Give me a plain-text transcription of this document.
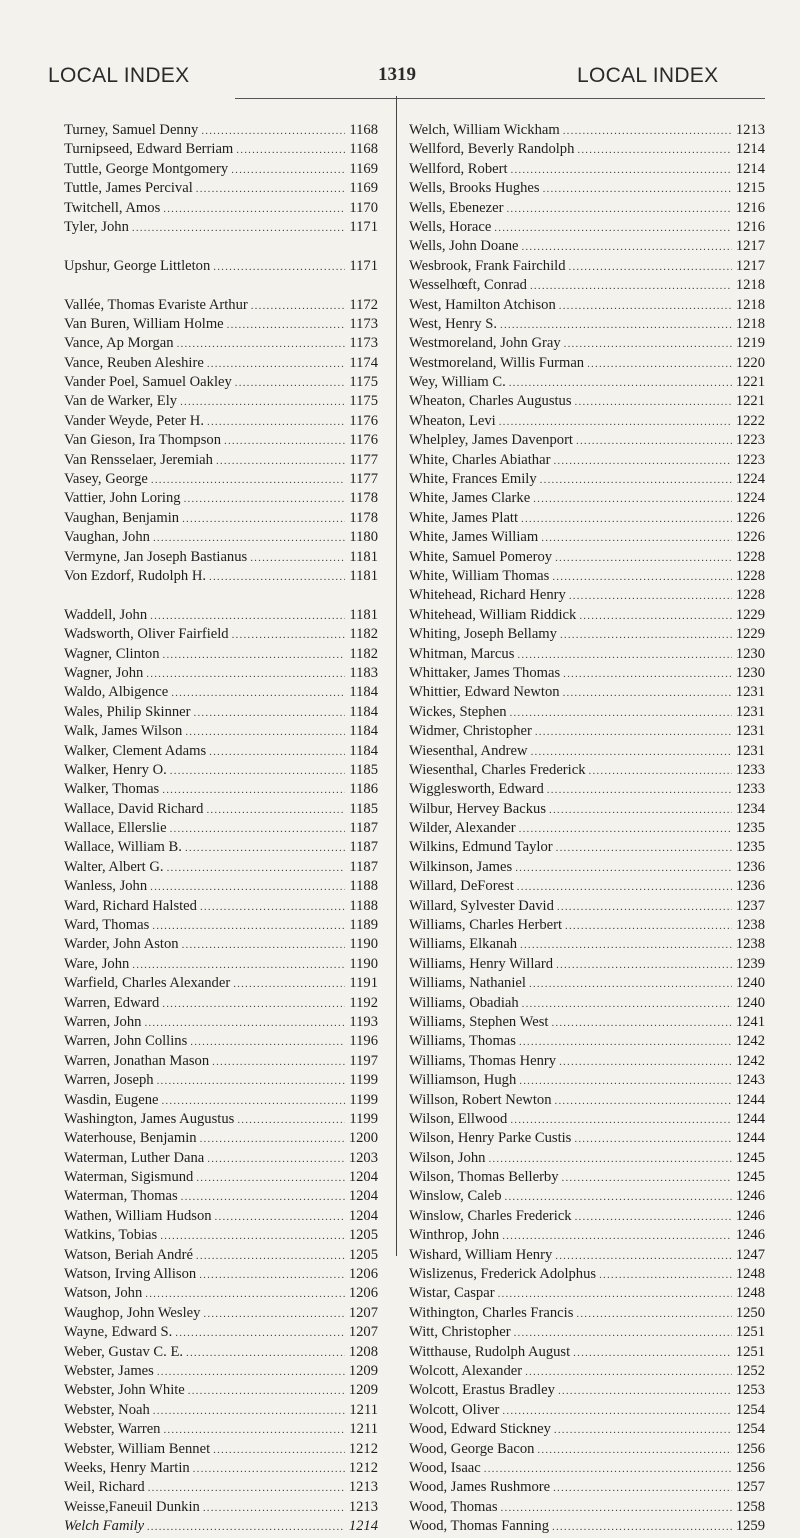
LOCAL INDEX	1319	LOCAL INDEX
Turney, Samuel Denny .....	1168
Turnipseed, Edward Berriam .....	1168
Tuttle, George Montgomery .....	1169
Tuttle, James Percival .....	1169
Twitchell, Amos .....	1170
Tyler, John .....	1171
Upshur, George Littleton .....	1171
Vallée, Thomas Evariste Arthur .....	1172
Van Buren, William Holme .....	1173
Vance, Ap Morgan .....	1173
Vance, Reuben Aleshire .....	1174
Vander Poel, Samuel Oakley .....	1175
Van de Warker, Ely .....	1175
Vander Weyde, Peter H. .....	1176
Van Gieson, Ira Thompson .....	1176
Van Rensselaer, Jeremiah .....	1177
Vasey, George .....	1177
Vattier, John Loring .....	1178
Vaughan, Benjamin .....	1178
Vaughan, John .....	1180
Vermyne, Jan Joseph Bastianus .....	1181
Von Ezdorf, Rudolph H. .....	1181
Waddell, John .....	1181
Wadsworth, Oliver Fairfield .....	1182
Wagner, Clinton .....	1182
Wagner, John .....	1183
Waldo, Albigence .....	1184
Wales, Philip Skinner .....	1184
Walk, James Wilson .....	1184
Walker, Clement Adams .....	1184
Walker, Henry O. .....	1185
Walker, Thomas .....	1186
Wallace, David Richard .....	1185
Wallace, Ellerslie .....	1187
Wallace, William B. .....	1187
Walter, Albert G. .....	1187
Wanless, John .....	1188
Ward, Richard Halsted .....	1188
Ward, Thomas .....	1189
Warder, John Aston .....	1190
Ware, John .....	1190
Warfield, Charles Alexander .....	1191
Warren, Edward .....	1192
Warren, John .....	1193
Warren, John Collins .....	1196
Warren, Jonathan Mason .....	1197
Warren, Joseph .....	1199
Wasdin, Eugene .....	1199
Washington, James Augustus .....	1199
Waterhouse, Benjamin .....	1200
Waterman, Luther Dana .....	1203
Waterman, Sigismund .....	1204
Waterman, Thomas .....	1204
Wathen, William Hudson .....	1204
Watkins, Tobias .....	1205
Watson, Beriah André .....	1205
Watson, Irving Allison .....	1206
Watson, John .....	1206
Waughop, John Wesley .....	1207
Wayne, Edward S. .....	1207
Weber, Gustav C. E. .....	1208
Webster, James .....	1209
Webster, John White .....	1209
Webster, Noah .....	1211
Webster, Warren .....	1211
Webster, William Bennet .....	1212
Weeks, Henry Martin .....	1212
Weil, Richard .....	1213
Weisse,Faneuil Dunkin .....	1213
Welch Family .....	1214
Welch, William Wickham .....	1213
Wellford, Beverly Randolph .....	1214
Wellford, Robert .....	1214
Wells, Brooks Hughes .....	1215
Wells, Ebenezer .....	1216
Wells, Horace .....	1216
Wells, John Doane .....	1217
Wesbrook, Frank Fairchild .....	1217
Wesselhœft, Conrad .....	1218
West, Hamilton Atchison .....	1218
West, Henry S. .....	1218
Westmoreland, John Gray .....	1219
Westmoreland, Willis Furman .....	1220
Wey, William C. .....	1221
Wheaton, Charles Augustus .....	1221
Wheaton, Levi .....	1222
Whelpley, James Davenport .....	1223
White, Charles Abiathar .....	1223
White, Frances Emily .....	1224
White, James Clarke .....	1224
White, James Platt .....	1226
White, James William .....	1226
White, Samuel Pomeroy .....	1228
White, William Thomas .....	1228
Whitehead, Richard Henry .....	1228
Whitehead, William Riddick .....	1229
Whiting, Joseph Bellamy .....	1229
Whitman, Marcus .....	1230
Whittaker, James Thomas .....	1230
Whittier, Edward Newton .....	1231
Wickes, Stephen .....	1231
Widmer, Christopher .....	1231
Wiesenthal, Andrew .....	1231
Wiesenthal, Charles Frederick .....	1233
Wigglesworth, Edward .....	1233
Wilbur, Hervey Backus .....	1234
Wilder, Alexander .....	1235
Wilkins, Edmund Taylor .....	1235
Wilkinson, James .....	1236
Willard, DeForest .....	1236
Willard, Sylvester David .....	1237
Williams, Charles Herbert .....	1238
Williams, Elkanah .....	1238
Williams, Henry Willard .....	1239
Williams, Nathaniel .....	1240
Williams, Obadiah .....	1240
Williams, Stephen West .....	1241
Williams, Thomas .....	1242
Williams, Thomas Henry .....	1242
Williamson, Hugh .....	1243
Willson, Robert Newton .....	1244
Wilson, Ellwood .....	1244
Wilson, Henry Parke Custis .....	1244
Wilson, John .....	1245
Wilson, Thomas Bellerby .....	1245
Winslow, Caleb .....	1246
Winslow, Charles Frederick .....	1246
Winthrop, John .....	1246
Wishard, William Henry .....	1247
Wislizenus, Frederick Adolphus .....	1248
Wistar, Caspar .....	1248
Withington, Charles Francis .....	1250
Witt, Christopher .....	1251
Witthause, Rudolph August .....	1251
Wolcott, Alexander .....	1252
Wolcott, Erastus Bradley .....	1253
Wolcott, Oliver .....	1254
Wood, Edward Stickney .....	1254
Wood, George Bacon .....	1256
Wood, Isaac .....	1256
Wood, James Rushmore .....	1257
Wood, Thomas .....	1258
Wood, Thomas Fanning .....	1259
